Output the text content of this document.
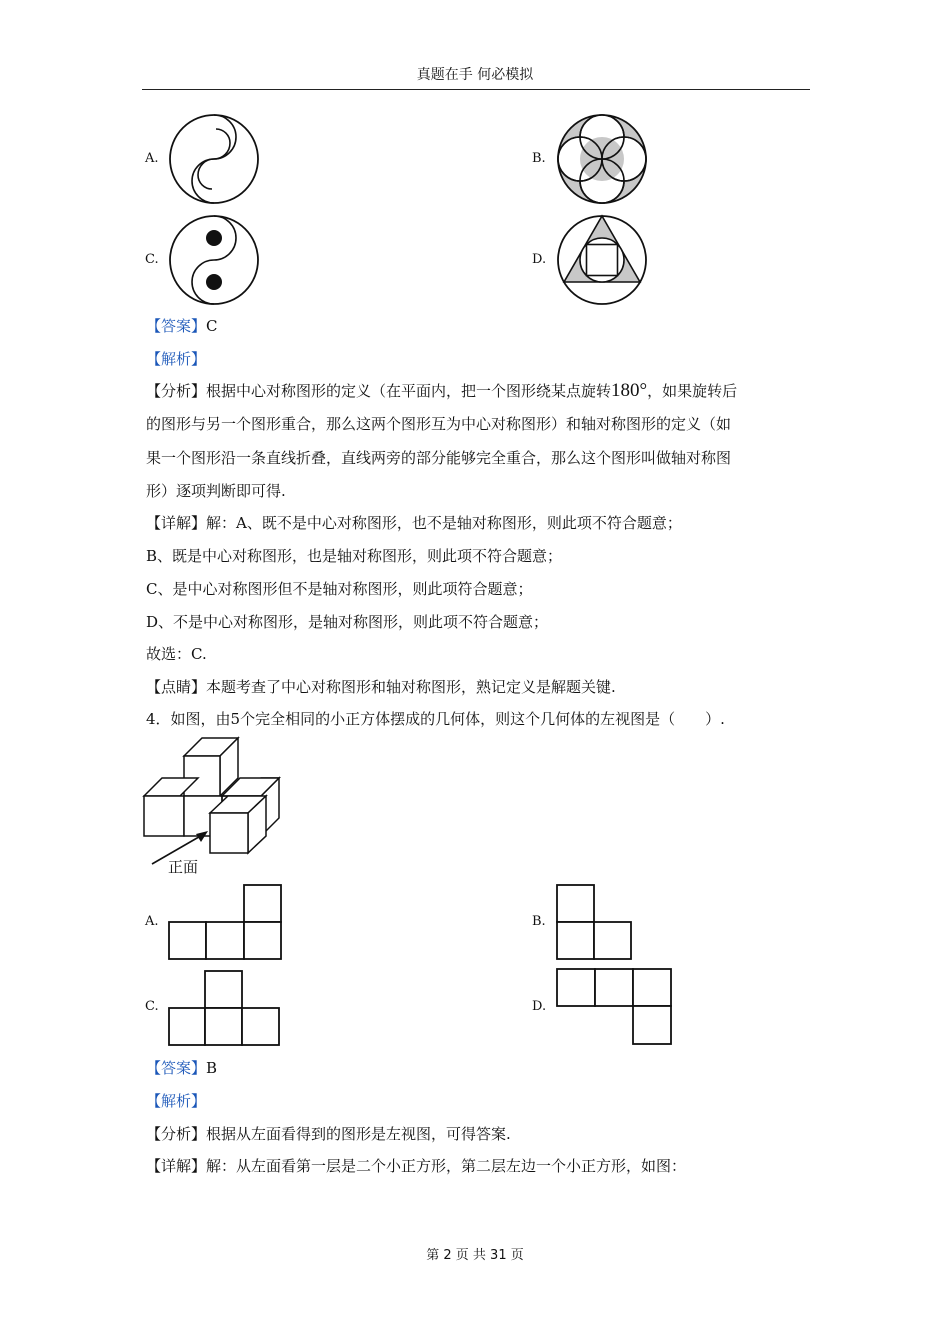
真题在手 何必模拟
A.	B.
C.	D.
【答案】C
【解析】
【分析】根据中心对称图形的定义（在平面内，把一个图形绕某点旋转180°，如果旋转后
的图形与另一个图形重合，那么这两个图形互为中心对称图形）和轴对称图形的定义（如
果一个图形沿一条直线折叠，直线两旁的部分能够完全重合，那么这个图形叫做轴对称图
形）逐项判断即可得.
【详解】解：A、既不是中心对称图形，也不是轴对称图形，则此项不符合题意；
B、既是中心对称图形，也是轴对称图形，则此项不符合题意；
C、是中心对称图形但不是轴对称图形，则此项符合题意；
D、不是中心对称图形，是轴对称图形，则此项不符合题意；
故选：C.
【点睛】本题考查了中心对称图形和轴对称图形，熟记定义是解题关键.
4．如图，由5个完全相同的小正方体摆成的几何体，则这个几何体的左视图是（　　）.
正面
A.	B.
C.	D.
【答案】B
【解析】
【分析】根据从左面看得到的图形是左视图，可得答案.
【详解】解：从左面看第一层是二个小正方形，第二层左边一个小正方形，如图：
第 2 页 共 31 页
